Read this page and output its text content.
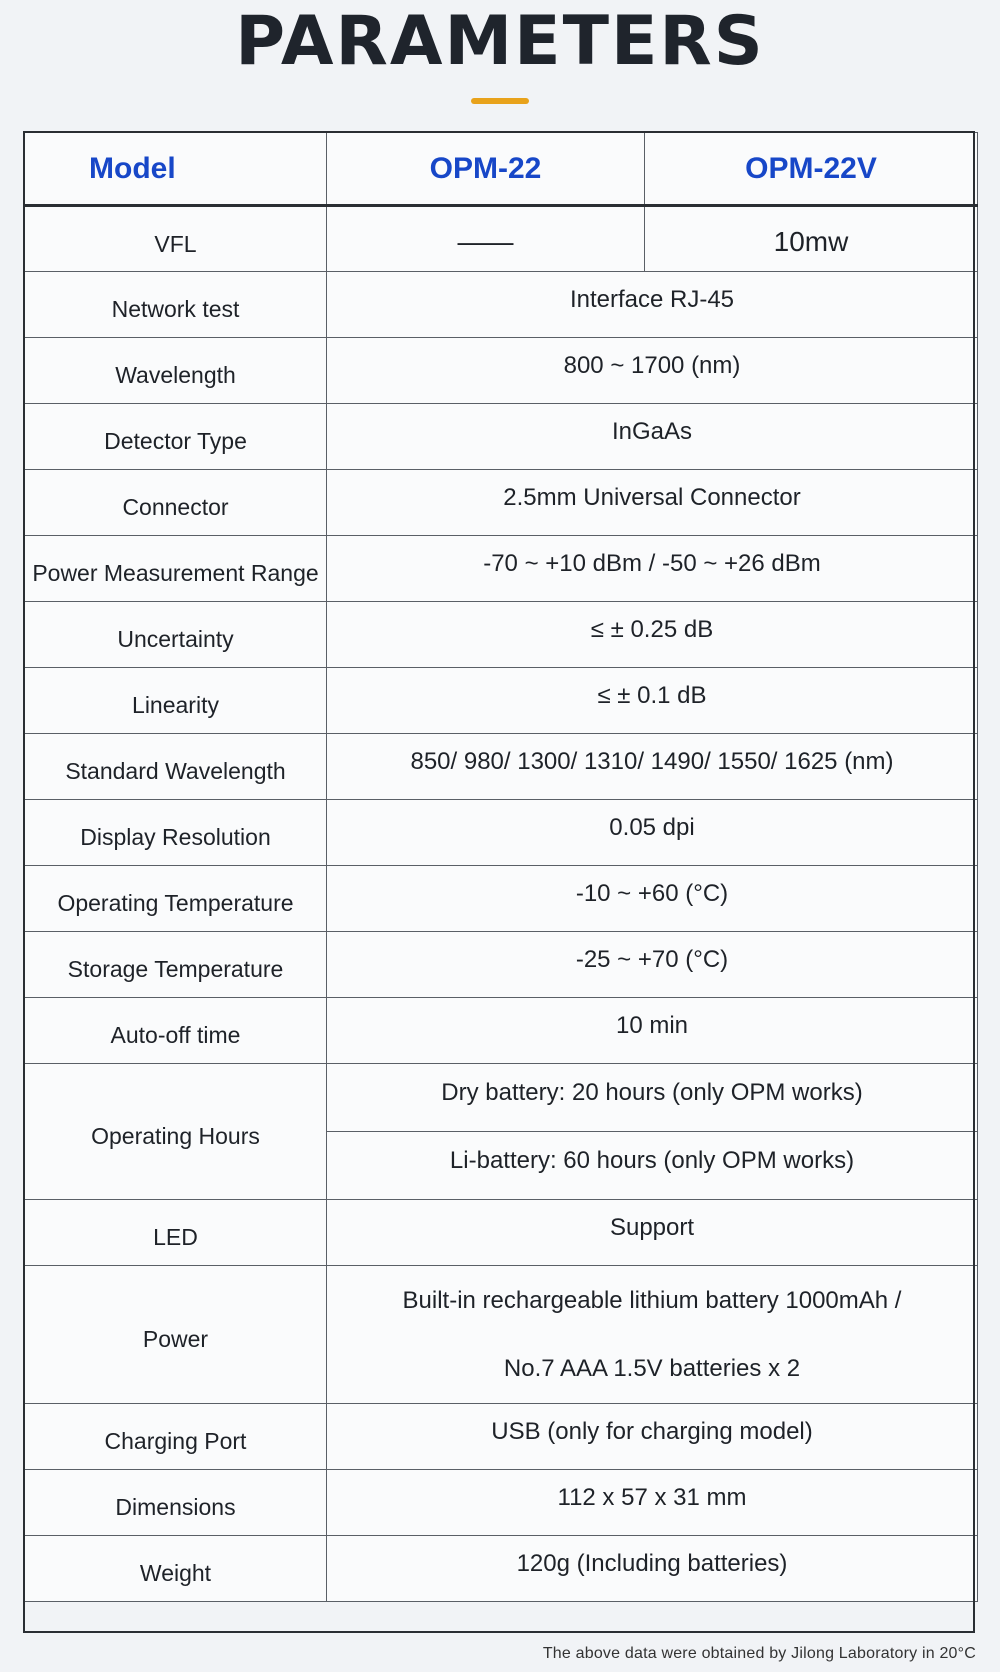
PARAMETERS
Model	OPM-22	OPM-22V
VFL	——	10mw
Network test	Interface RJ-45	
Wavelength	800 ~ 1700 (nm)	
Detector Type	InGaAs	
Connector	2.5mm Universal Connector	
Power Measurement Range	-70 ~ +10 dBm / -50 ~ +26 dBm	
Uncertainty	≤ ± 0.25 dB	
Linearity	≤ ± 0.1 dB	
Standard Wavelength	850/ 980/ 1300/ 1310/ 1490/ 1550/ 1625 (nm)	
Display Resolution	0.05 dpi	
Operating Temperature	-10 ~ +60 (°C)	
Storage Temperature	-25 ~ +70 (°C)	
Auto-off time	10 min	
Operating Hours	Dry battery: 20 hours (only OPM works)	
	Li-battery: 60 hours (only OPM works)	
LED	Support	
Power	Built-in rechargeable lithium battery 1000mAh /
No.7 AAA 1.5V batteries x 2	

Charging Port	USB (only for charging model)	
Dimensions	112 x 57 x 31 mm	
Weight	120g (Including batteries)	
The above data were obtained by Jilong Laboratory in 20°C
